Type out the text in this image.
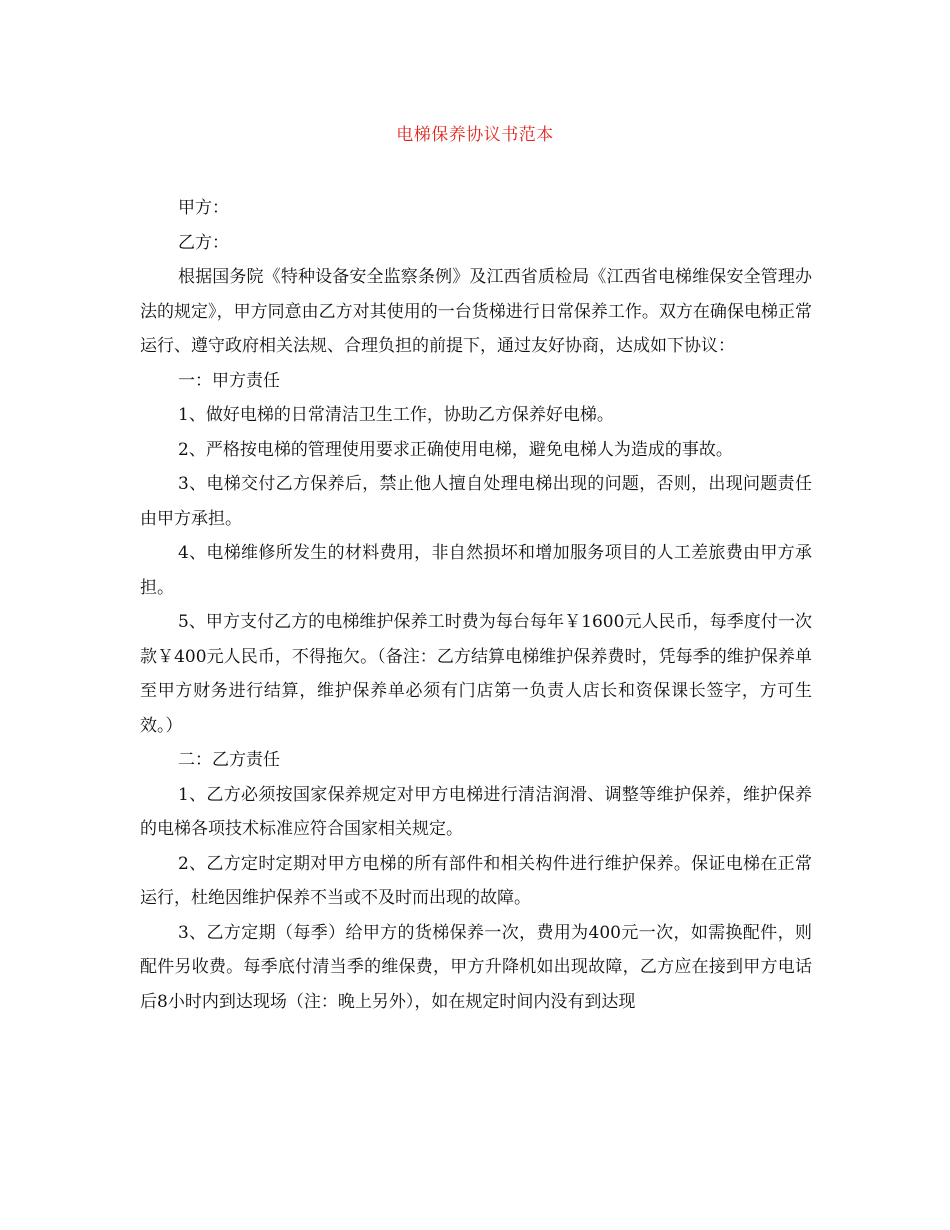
电梯保养协议书范本

甲方：

乙方：

根据国务院《特种设备安全监察条例》及江西省质检局《江西省电梯维保安全管理办法的规定》，甲方同意由乙方对其使用的一台货梯进行日常保养工作。双方在确保电梯正常运行、遵守政府相关法规、合理负担的前提下，通过友好协商，达成如下协议：

一：甲方责任

1、做好电梯的日常清洁卫生工作，协助乙方保养好电梯。

2、严格按电梯的管理使用要求正确使用电梯，避免电梯人为造成的事故。

3、电梯交付乙方保养后，禁止他人擅自处理电梯出现的问题，否则，出现问题责任由甲方承担。

4、电梯维修所发生的材料费用，非自然损坏和增加服务项目的人工差旅费由甲方承担。

5、甲方支付乙方的电梯维护保养工时费为每台每年￥1600元人民币，每季度付一次款￥400元人民币，不得拖欠。（备注：乙方结算电梯维护保养费时，凭每季的维护保养单至甲方财务进行结算，维护保养单必须有门店第一负责人店长和资保课长签字，方可生效。）

二：乙方责任

1、乙方必须按国家保养规定对甲方电梯进行清洁润滑、调整等维护保养，维护保养的电梯各项技术标准应符合国家相关规定。

2、乙方定时定期对甲方电梯的所有部件和相关构件进行维护保养。保证电梯在正常运行，杜绝因维护保养不当或不及时而出现的故障。

3、乙方定期（每季）给甲方的货梯保养一次，费用为400元一次，如需换配件，则配件另收费。每季底付清当季的维保费，甲方升降机如出现故障，乙方应在接到甲方电话后8小时内到达现场（注：晚上另外），如在规定时间内没有到达现
